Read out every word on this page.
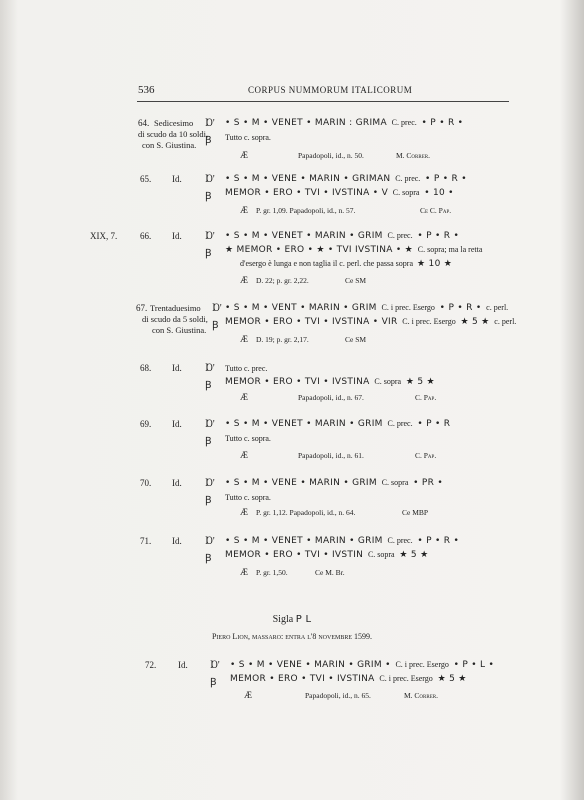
536	CORPUS NUMMORUM ITALICORUM
64. Sedicesimo
di scudo da 10 soldi,
con S. Giustina.
Ɒ' • S • M • VENET • MARIN : GRIMA C. prec. • P • R •
Ꞵ Tutto c. sopra.
Æ	Papadopoli, id., n. 50.	M. Correr.
65. Id. Ɒ' • S • M • VENE • MARIN • GRIMAN C. prec. • P • R •
Ꞵ MEMOR • ERO • TVI • IVSTINA • V C. sopra • 10 •
Æ P. gr. 1,09. Papadopoli, id., n. 57.	Ce C. Pap.
XIX, 7.	66. Id. Ɒ' • S • M • VENET • MARIN • GRIM C. prec. • P • R •
Ꞵ ★ MEMOR • ERO • ★ • TVI IVSTINA • ★ C. sopra; ma la retta
d'esergo è lunga e non taglia il c. perl. che passa sopra ★ 10 ★
Æ D. 22; p. gr. 2,22.	Ce SM
67. Trentaduesimo
di scudo da 5 soldi,
con S. Giustina.
Ɒ' • S • M • VENT • MARIN • GRIM C. i prec. Esergo • P • R • c. perl.
Ꞵ MEMOR • ERO • TVI • IVSTINA • VIR C. i prec. Esergo ★ 5 ★ c. perl.
Æ D. 19; p. gr. 2,17.	Ce SM
68. Id. Ɒ' Tutto c. prec.
Ꞵ MEMOR • ERO • TVI • IVSTINA C. sopra ★ 5 ★
Æ	Papadopoli, id., n. 67.	C. Pap.
69. Id. Ɒ' • S • M • VENET • MARIN • GRIM C. prec. • P • R
Ꞵ Tutto c. sopra.
Æ	Papadopoli, id., n. 61.	C. Pap.
70. Id. Ɒ' • S • M • VENE • MARIN • GRIM C. sopra • PR •
Ꞵ Tutto c. sopra.
Æ P. gr. 1,12. Papadopoli, id., n. 64.	Ce MBP
71. Id. Ɒ' • S • M • VENET • MARIN • GRIM C. prec. • P • R •
Ꞵ MEMOR • ERO • TVI • IVSTIN C. sopra ★ 5 ★
Æ P. gr. 1,50.	Ce M. Br.
Sigla P L
Piero Lion, massaro: entra l'8 novembre 1599.
72. Id. Ɒ' • S • M • VENE • MARIN • GRIM • C. i prec. Esergo • P • L •
Ꞵ MEMOR • ERO • TVI • IVSTINA C. i prec. Esergo ★ 5 ★
Æ	Papadopoli, id., n. 65.	M. Correr.
